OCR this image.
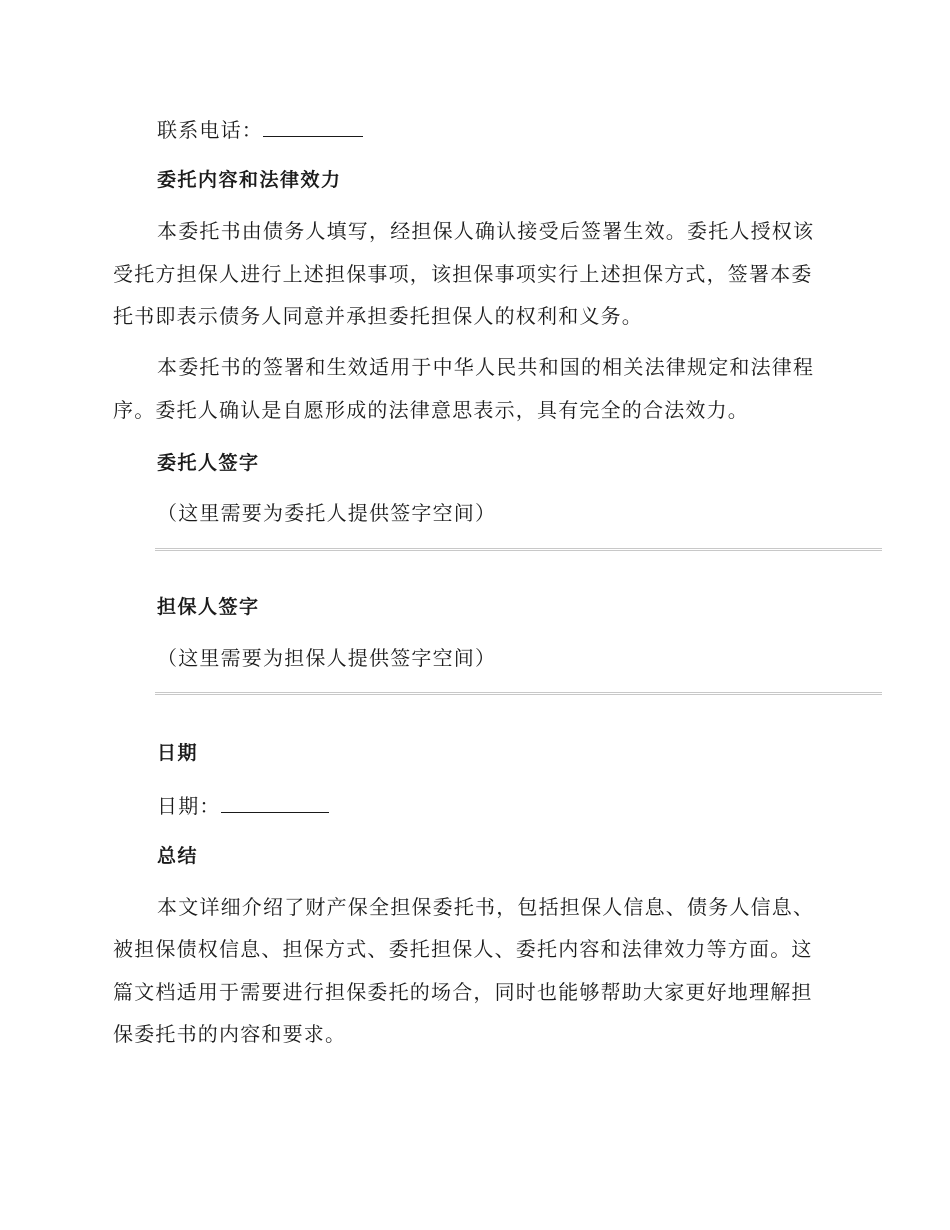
联系电话：
委托内容和法律效力
本委托书由债务人填写，经担保人确认接受后签署生效。委托人授权该
受托方担保人进行上述担保事项，该担保事项实行上述担保方式，签署本委
托书即表示债务人同意并承担委托担保人的权利和义务。
本委托书的签署和生效适用于中华人民共和国的相关法律规定和法律程
序。委托人确认是自愿形成的法律意思表示，具有完全的合法效力。
委托人签字
（这里需要为委托人提供签字空间）
担保人签字
（这里需要为担保人提供签字空间）
日期
日期：
总结
本文详细介绍了财产保全担保委托书，包括担保人信息、债务人信息、
被担保债权信息、担保方式、委托担保人、委托内容和法律效力等方面。这
篇文档适用于需要进行担保委托的场合，同时也能够帮助大家更好地理解担
保委托书的内容和要求。
